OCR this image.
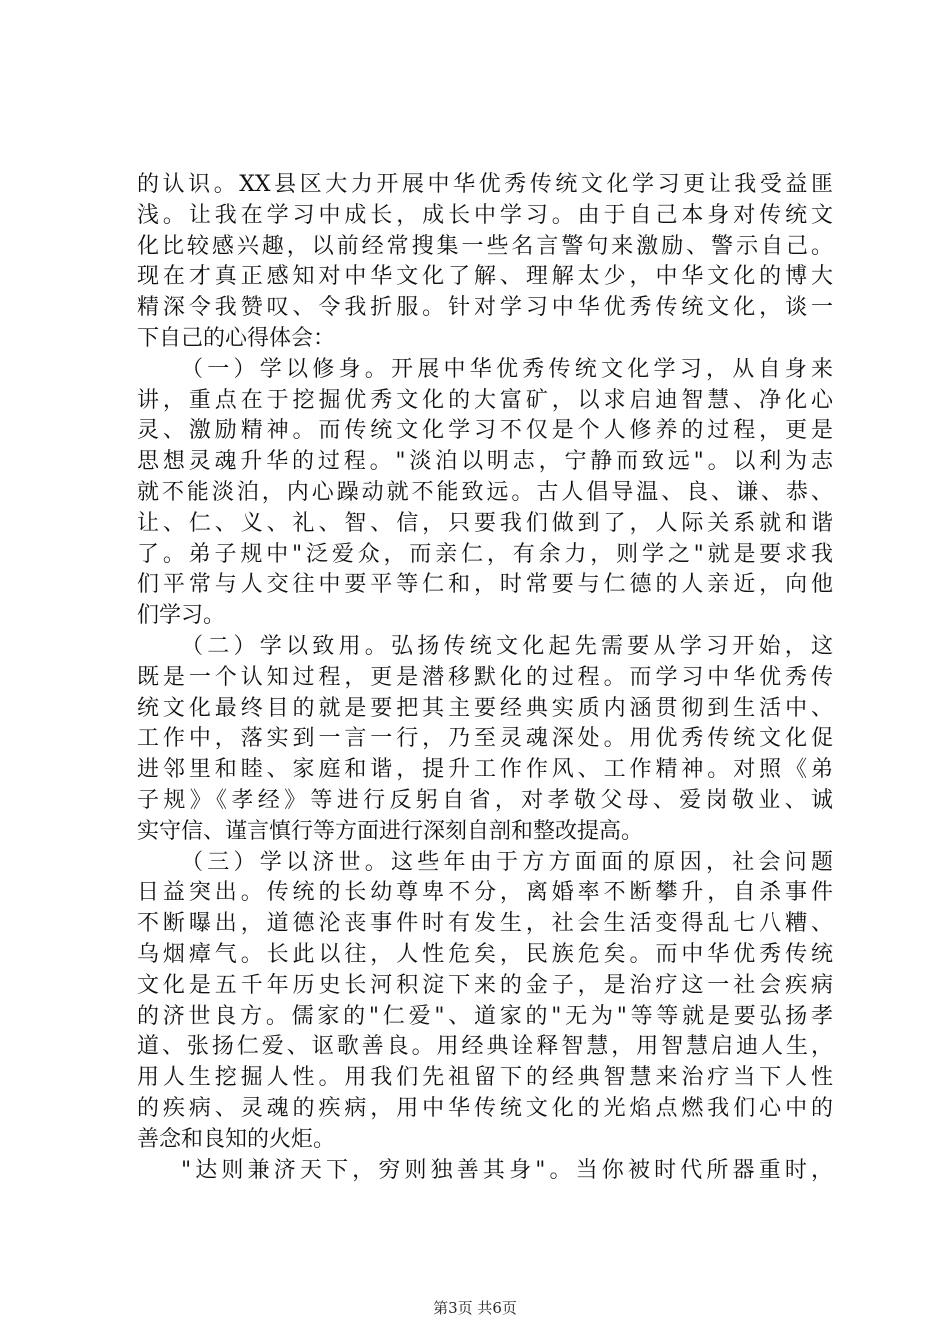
的认识。XX县区大力开展中华优秀传统文化学习更让我受益匪
浅。让我在学习中成长，成长中学习。由于自己本身对传统文
化比较感兴趣，以前经常搜集一些名言警句来激励、警示自己。
现在才真正感知对中华文化了解、理解太少，中华文化的博大
精深令我赞叹、令我折服。针对学习中华优秀传统文化，谈一
下自己的心得体会：
（一）学以修身。开展中华优秀传统文化学习，从自身来
讲，重点在于挖掘优秀文化的大富矿，以求启迪智慧、净化心
灵、激励精神。而传统文化学习不仅是个人修养的过程，更是
思想灵魂升华的过程。"淡泊以明志，宁静而致远"。以利为志
就不能淡泊，内心躁动就不能致远。古人倡导温、良、谦、恭、
让、仁、义、礼、智、信，只要我们做到了，人际关系就和谐
了。弟子规中"泛爱众，而亲仁，有余力，则学之"就是要求我
们平常与人交往中要平等仁和，时常要与仁德的人亲近，向他
们学习。
（二）学以致用。弘扬传统文化起先需要从学习开始，这
既是一个认知过程，更是潜移默化的过程。而学习中华优秀传
统文化最终目的就是要把其主要经典实质内涵贯彻到生活中、
工作中，落实到一言一行，乃至灵魂深处。用优秀传统文化促
进邻里和睦、家庭和谐，提升工作作风、工作精神。对照《弟
子规》《孝经》等进行反躬自省，对孝敬父母、爱岗敬业、诚
实守信、谨言慎行等方面进行深刻自剖和整改提高。
（三）学以济世。这些年由于方方面面的原因，社会问题
日益突出。传统的长幼尊卑不分，离婚率不断攀升，自杀事件
不断曝出，道德沦丧事件时有发生，社会生活变得乱七八糟、
乌烟瘴气。长此以往，人性危矣，民族危矣。而中华优秀传统
文化是五千年历史长河积淀下来的金子，是治疗这一社会疾病
的济世良方。儒家的"仁爱"、道家的"无为"等等就是要弘扬孝
道、张扬仁爱、讴歌善良。用经典诠释智慧，用智慧启迪人生，
用人生挖掘人性。用我们先祖留下的经典智慧来治疗当下人性
的疾病、灵魂的疾病，用中华传统文化的光焰点燃我们心中的
善念和良知的火炬。
"达则兼济天下，穷则独善其身"。当你被时代所器重时，
第3页 共6页
